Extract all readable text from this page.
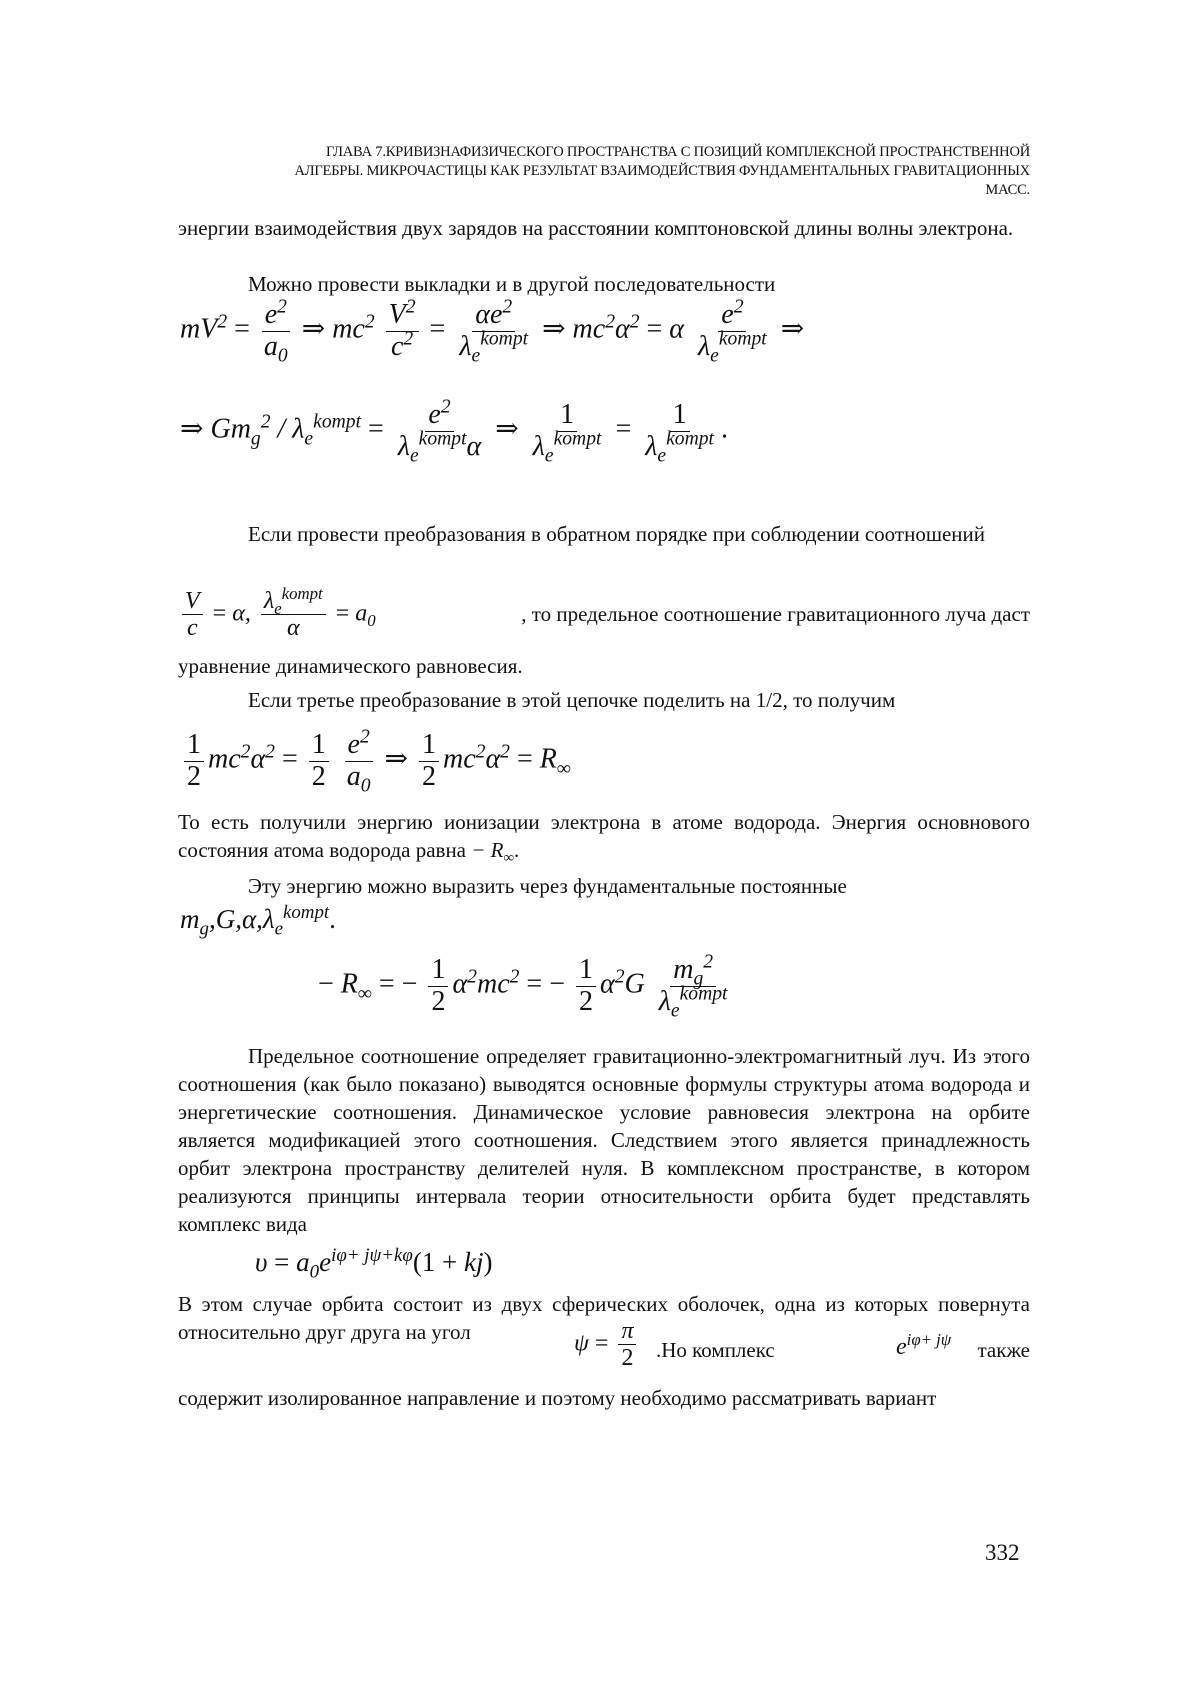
ГЛАВА 7.КРИВИЗНАФИЗИЧЕСКОГО ПРОСТРАНСТВА С ПОЗИЦИЙ КОМПЛЕКСНОЙ ПРОСТРАНСТВЕННОЙ
АЛГЕБРЫ. МИКРОЧАСТИЦЫ КАК РЕЗУЛЬТАТ ВЗАИМОДЕЙСТВИЯ ФУНДАМЕНТАЛЬНЫХ ГРАВИТАЦИОННЫХ
МАСС.
энергии взаимодействия двух зарядов на расстоянии комптоновской длины волны электрона.
Можно провести выкладки и в другой последовательности
$mV^2 = \frac{e^2}{a_0}$ ⇒ $mc^2 \frac{V^2}{c^2} = \frac{\alpha e^2}{\lambda_e^{kompt}}$ ⇒ $mc^2\alpha^2 = \alpha \frac{e^2}{\lambda_e^{kompt}}$ ⇒
⇒ $Gm_g^2 / \lambda_e^{kompt} = \frac{e^2}{\lambda_e^{kompt}\alpha}$ ⇒ $\frac{1}{\lambda_e^{kompt}} = \frac{1}{\lambda_e^{kompt}}$ .
Если провести преобразования в обратном порядке при соблюдении соотношений
$\frac{V}{c} = \alpha$, $\frac{\lambda_e^{kompt}}{\alpha} = a_0$	, то предельное соотношение гравитационного луча даст
уравнение динамического равновесия.
Если третье преобразование в этой цепочке поделить на 1/2, то получим
$\frac{1}{2} mc^2\alpha^2 = \frac{1}{2}$
$\frac{e^2}{a_0}$ ⇒ $\frac{1}{2} mc^2\alpha^2 = R_\infty$
То есть получили энергию ионизации электрона в атоме водорода. Энергия основнового состояния атома водорода равна − $R_\infty$.
Эту энергию можно выразить через фундаментальные постоянные
$m_g,G,\alpha,\lambda_e^{kompt}$.
− $R_\infty$ = − $\frac{1}{2} \alpha^2mc^2$ = − $\frac{1}{2} \alpha^2G \frac{m_g^2}{\lambda_e^{kompt}}$
Предельное соотношение определяет гравитационно-электромагнитный луч. Из этого соотношения (как было показано) выводятся основные формулы структуры атома водорода и энергетические соотношения. Динамическое условие равновесия электрона на орбите является модификацией этого соотношения. Следствием этого является принадлежность орбит электрона пространству делителей нуля. В комплексном пространстве, в котором реализуются принципы интервала теории относительности орбита будет представлять комплекс вида
$\upsilon = a_0e^{i\varphi+ j\psi+k\varphi}(1 + kj)$
В этом случае орбита состоит из двух сферических оболочек, одна из которых повернута относительно друг друга на угол	$\psi = \frac{\pi}{2} .Но$ комплекс	$e^{i\varphi+ j\psi}$ также
содержит изолированное направление и поэтому необходимо рассматривать вариант
332
